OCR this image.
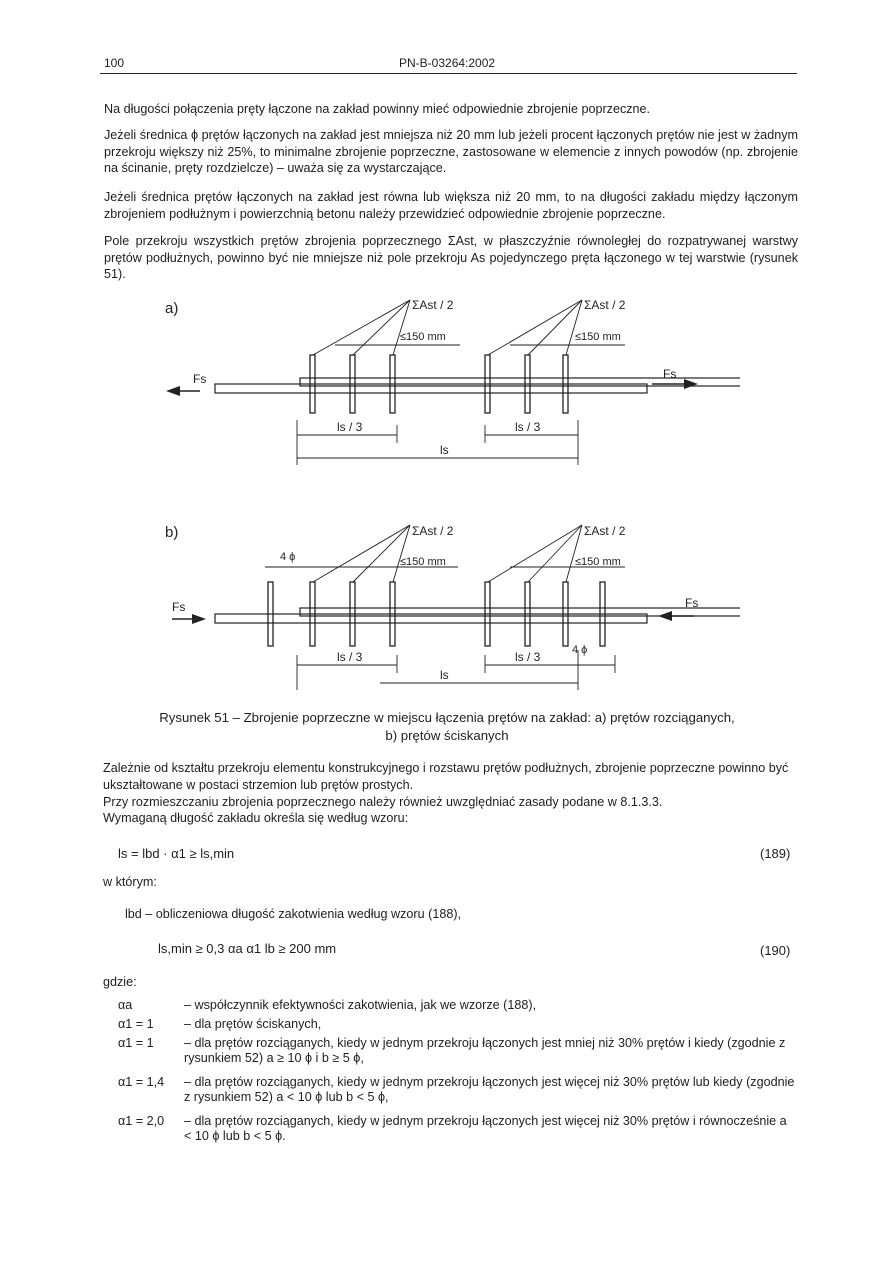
100	PN-B-03264:2002

Na długości połączenia pręty łączone na zakład powinny mieć odpowiednie zbrojenie poprzeczne.

Jeżeli średnica ϕ prętów łączonych na zakład jest mniejsza niż 20 mm lub jeżeli procent łączonych prętów nie jest w żadnym przekroju większy niż 25%, to minimalne zbrojenie poprzeczne, zastosowane w elemencie z innych powodów (np. zbrojenie na ścinanie, pręty rozdzielcze) – uważa się za wystarczające.

Jeżeli średnica prętów łączonych na zakład jest równa lub większa niż 20 mm, to na długości zakładu między łączonym zbrojeniem podłużnym i powierzchnią betonu należy przewidzieć odpowiednie zbrojenie poprzeczne.

Pole przekroju wszystkich prętów zbrojenia poprzecznego ΣAst, w płaszczyźnie równoległej do rozpatrywanej warstwy prętów podłużnych, powinno być nie mniejsze niż pole przekroju As pojedynczego pręta łączonego w tej warstwie (rysunek 51).

a)	ΣAst / 2	ΣAst / 2
≤150 mm	≤150 mm
Fs	Fs
ls / 3	ls / 3
ls
b)	ΣAst / 2	ΣAst / 2
≤150 mm	≤150 mm
4 ϕ
Fs	Fs
ls / 3	ls / 3	4 ϕ
ls
Rysunek 51 – Zbrojenie poprzeczne w miejscu łączenia prętów na zakład: a) prętów rozciąganych,
b) prętów ściskanych

Zależnie od kształtu przekroju elementu konstrukcyjnego i rozstawu prętów podłużnych, zbrojenie poprzeczne powinno być ukształtowane w postaci strzemion lub prętów prostych.

Przy rozmieszczaniu zbrojenia poprzecznego należy również uwzględniać zasady podane w 8.1.3.3.

Wymaganą długość zakładu określa się według wzoru:

ls = lbd · α1 ≥ ls,min	(189)
w którym:
lbd – obliczeniowa długość zakotwienia według wzoru (188),
ls,min ≥ 0,3 αa α1 lb ≥ 200 mm	(190)
gdzie:
αa	– współczynnik efektywności zakotwienia, jak we wzorze (188),
α1 = 1	– dla prętów ściskanych,
α1 = 1	– dla prętów rozciąganych, kiedy w jednym przekroju łączonych jest mniej niż 30% prętów i kiedy (zgodnie z rysunkiem 52) a ≥ 10 ϕ i b ≥ 5 ϕ,
α1 = 1,4	– dla prętów rozciąganych, kiedy w jednym przekroju łączonych jest więcej niż 30% prętów lub kiedy (zgodnie z rysunkiem 52) a < 10 ϕ lub b < 5 ϕ,
α1 = 2,0	– dla prętów rozciąganych, kiedy w jednym przekroju łączonych jest więcej niż 30% prętów i równocześnie a < 10 ϕ lub b < 5 ϕ.
